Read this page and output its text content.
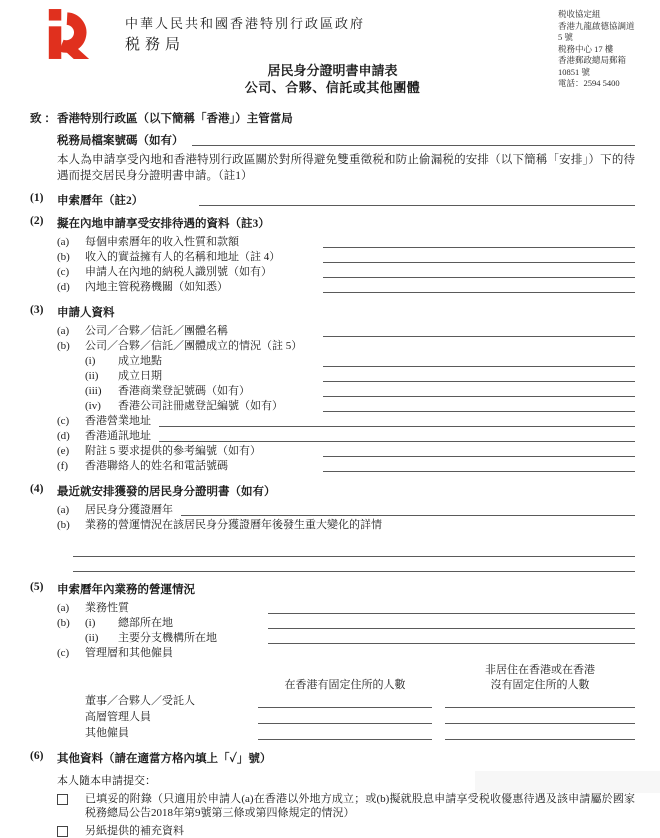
中華人民共和國香港特別行政區政府
税務局
税收協定組
香港九龍啟德協調道 5 號
税務中心 17 樓
香港郵政總局郵箱 10851 號
電話：2594 5400
居民身分證明書申請表
公司、合夥、信託或其他團體
致 ： 香港特別行政區（以下簡稱「香港」）主管當局
税務局檔案號碼（如有）
本人為申請享受內地和香港特別行政區關於對所得避免雙重徵税和防止偷漏税的安排（以下簡稱「安排」）下的待遇而提交居民身分證明書申請。（註1）
(1)	申索曆年（註2）
(2)	擬在內地申請享受安排待遇的資料（註3）
(a)	每個申索曆年的收入性質和款額
(b)	收入的實益擁有人的名稱和地址（註 4）
(c)	申請人在內地的納税人識別號（如有）
(d)	內地主管税務機關（如知悉）
(3)	申請人資料
(a)	公司／合夥／信託／團體名稱
(b)	公司／合夥／信託／團體成立的情況（註 5）
(i)	成立地點
(ii)	成立日期
(iii)	香港商業登記號碼（如有）
(iv)	香港公司註冊處登記編號（如有）
(c)	香港營業地址
(d)	香港通訊地址
(e)	附註 5 要求提供的參考編號（如有）
(f)	香港聯絡人的姓名和電話號碼
(4)	最近就安排獲發的居民身分證明書（如有）
(a)	居民身分獲證曆年
(b)	業務的營運情況在該居民身分獲證曆年後發生重大變化的詳情
(5)	申索曆年內業務的營運情況
(a)	業務性質
(b)	(i)	總部所在地
(ii)	主要分支機構所在地
(c)	管理層和其他僱員
在香港有固定住所的人數
非居住在香港或在香港
沒有固定住所的人數
董事／合夥人／受託人
高層管理人員
其他僱員
(6)	其他資料（請在適當方格內填上「✓」號）
本人隨本申請提交：
已填妥的附錄（只適用於申請人(a)在香港以外地方成立；或(b)擬就股息申請享受税收優惠待遇及該申請屬於國家税務總局公告2018年第9號第三條或第四條規定的情況）
另紙提供的補充資料
